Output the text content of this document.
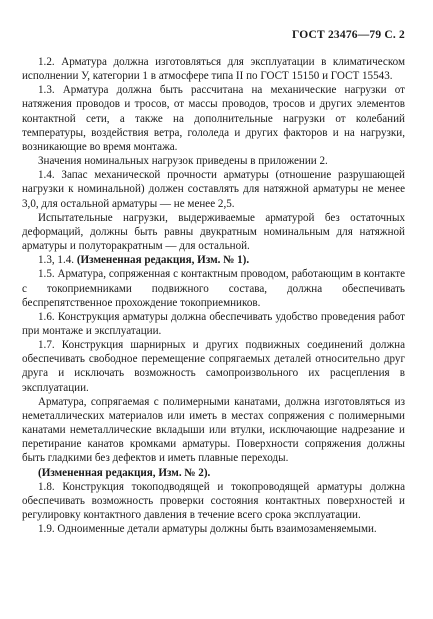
ГОСТ 23476—79 С. 2

1.2. Арматура должна изготовляться для эксплуатации в климатическом исполнении У, категории 1 в атмосфере типа II по ГОСТ 15150 и ГОСТ 15543.

1.3. Арматура должна быть рассчитана на механические нагрузки от натяжения проводов и тросов, от массы проводов, тросов и других элементов контактной сети, а также на дополнительные нагрузки от колебаний температуры, воздействия ветра, гололеда и других факторов и на нагрузки, возникающие во время монтажа.

Значения номинальных нагрузок приведены в приложении 2.

1.4. Запас механической прочности арматуры (отношение разрушающей нагрузки к номинальной) должен составлять для натяжной арматуры не менее 3,0, для остальной арматуры — не менее 2,5.

Испытательные нагрузки, выдерживаемые арматурой без остаточных деформаций, должны быть равны двукратным номинальным для натяжной арматуры и полуторакратным — для остальной.

1.3, 1.4. (Измененная редакция, Изм. № 1).

1.5. Арматура, сопряженная с контактным проводом, работающим в контакте с токоприемниками подвижного состава, должна обеспечивать беспрепятственное прохождение токоприемников.

1.6. Конструкция арматуры должна обеспечивать удобство проведения работ при монтаже и эксплуатации.

1.7. Конструкция шарнирных и других подвижных соединений должна обеспечивать свободное перемещение сопрягаемых деталей относительно друг друга и исключать возможность самопроизвольного их расцепления в эксплуатации.

Арматура, сопрягаемая с полимерными канатами, должна изготовляться из неметаллических материалов или иметь в местах сопряжения с полимерными канатами неметаллические вкладыши или втулки, исключающие надрезание и перетирание канатов кромками арматуры. Поверхности сопряжения должны быть гладкими без дефектов и иметь плавные переходы.

(Измененная редакция, Изм. № 2).

1.8. Конструкция токоподводящей и токопроводящей арматуры должна обеспечивать возможность проверки состояния контактных поверхностей и регулировку контактного давления в течение всего срока эксплуатации.

1.9. Одноименные детали арматуры должны быть взаимозаменяемыми.
